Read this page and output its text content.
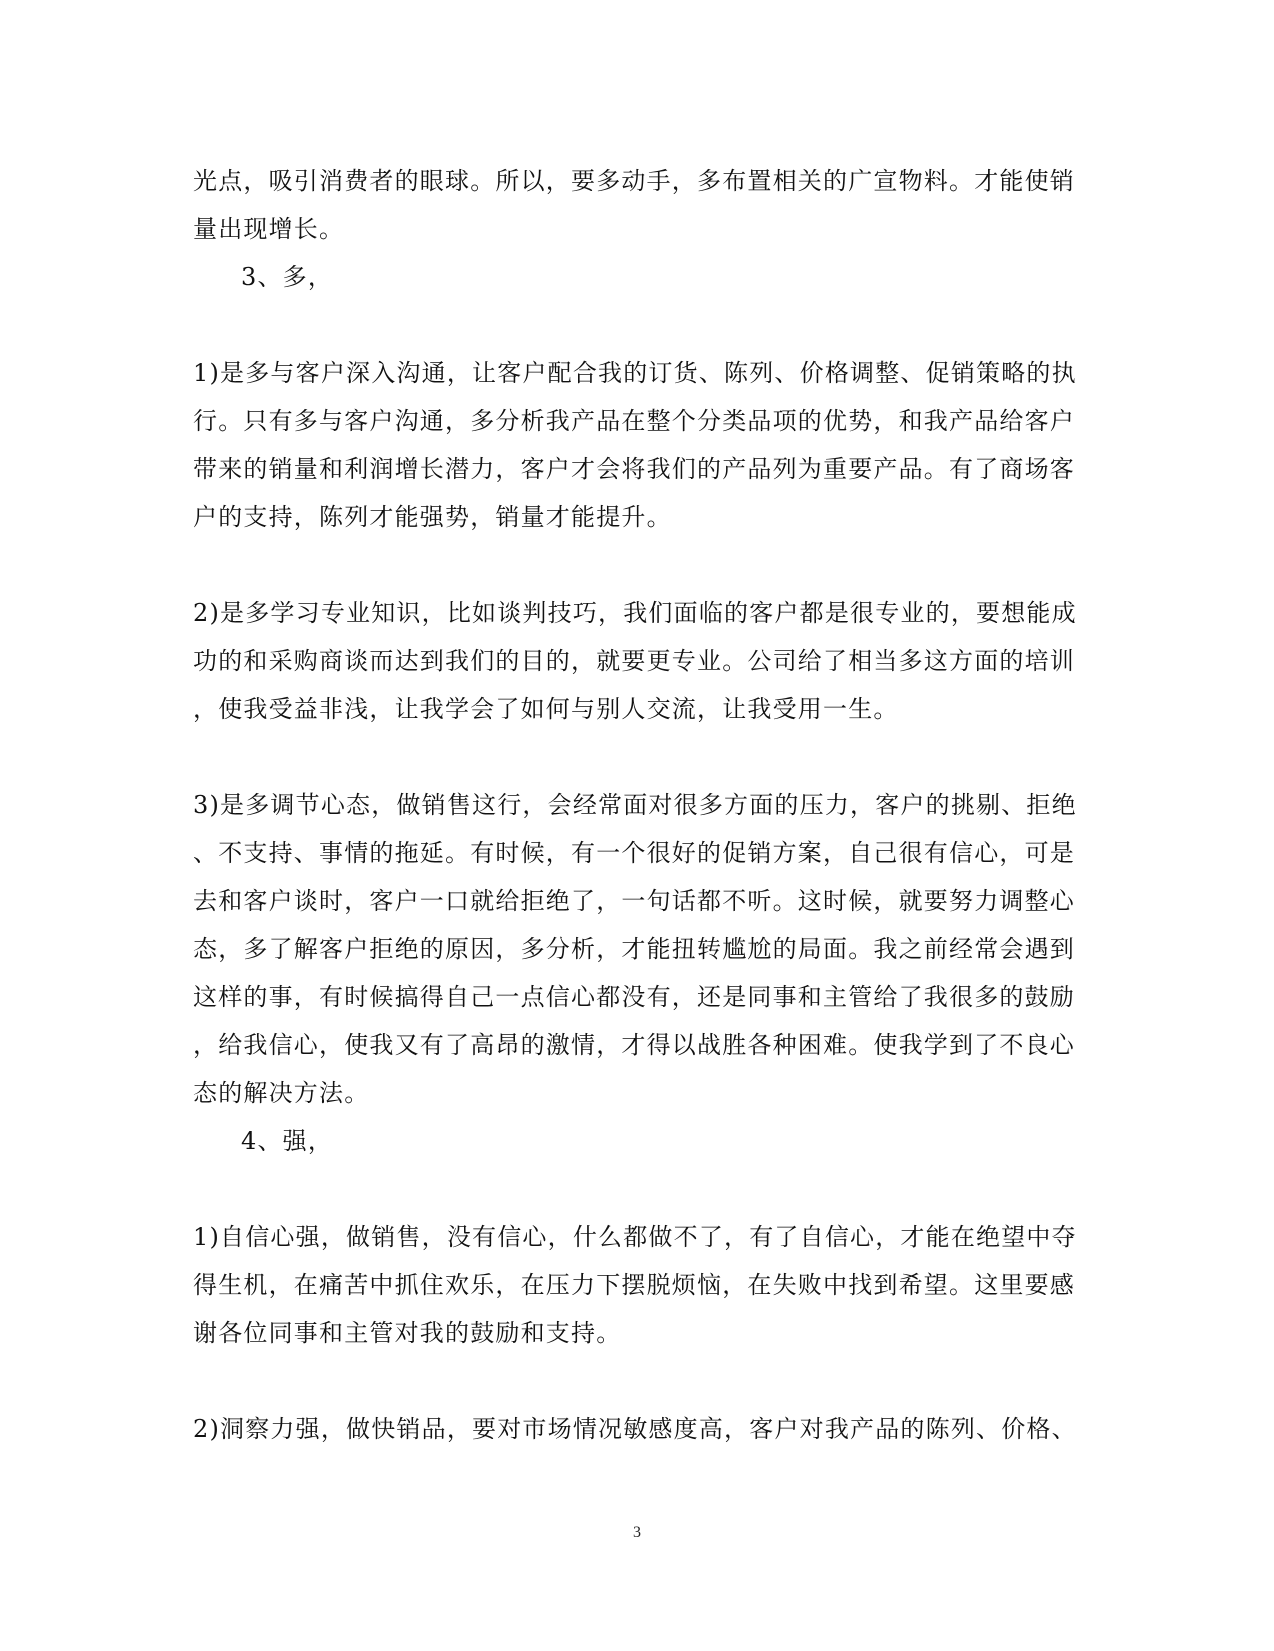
光点，吸引消费者的眼球。所以，要多动手，多布置相关的广宣物料。才能使销
量出现增长。
3、多，
1)是多与客户深入沟通，让客户配合我的订货、陈列、价格调整、促销策略的执
行。只有多与客户沟通，多分析我产品在整个分类品项的优势，和我产品给客户
带来的销量和利润增长潜力，客户才会将我们的产品列为重要产品。有了商场客
户的支持，陈列才能强势，销量才能提升。
2)是多学习专业知识，比如谈判技巧，我们面临的客户都是很专业的，要想能成
功的和采购商谈而达到我们的目的，就要更专业。公司给了相当多这方面的培训
，使我受益非浅，让我学会了如何与别人交流，让我受用一生。
3)是多调节心态，做销售这行，会经常面对很多方面的压力，客户的挑剔、拒绝
、不支持、事情的拖延。有时候，有一个很好的促销方案，自己很有信心，可是
去和客户谈时，客户一口就给拒绝了，一句话都不听。这时候，就要努力调整心
态，多了解客户拒绝的原因，多分析，才能扭转尴尬的局面。我之前经常会遇到
这样的事，有时候搞得自己一点信心都没有，还是同事和主管给了我很多的鼓励
，给我信心，使我又有了高昂的激情，才得以战胜各种困难。使我学到了不良心
态的解决方法。
4、强，
1)自信心强，做销售，没有信心，什么都做不了，有了自信心，才能在绝望中夺
得生机，在痛苦中抓住欢乐，在压力下摆脱烦恼，在失败中找到希望。这里要感
谢各位同事和主管对我的鼓励和支持。
2)洞察力强，做快销品，要对市场情况敏感度高，客户对我产品的陈列、价格、
3
